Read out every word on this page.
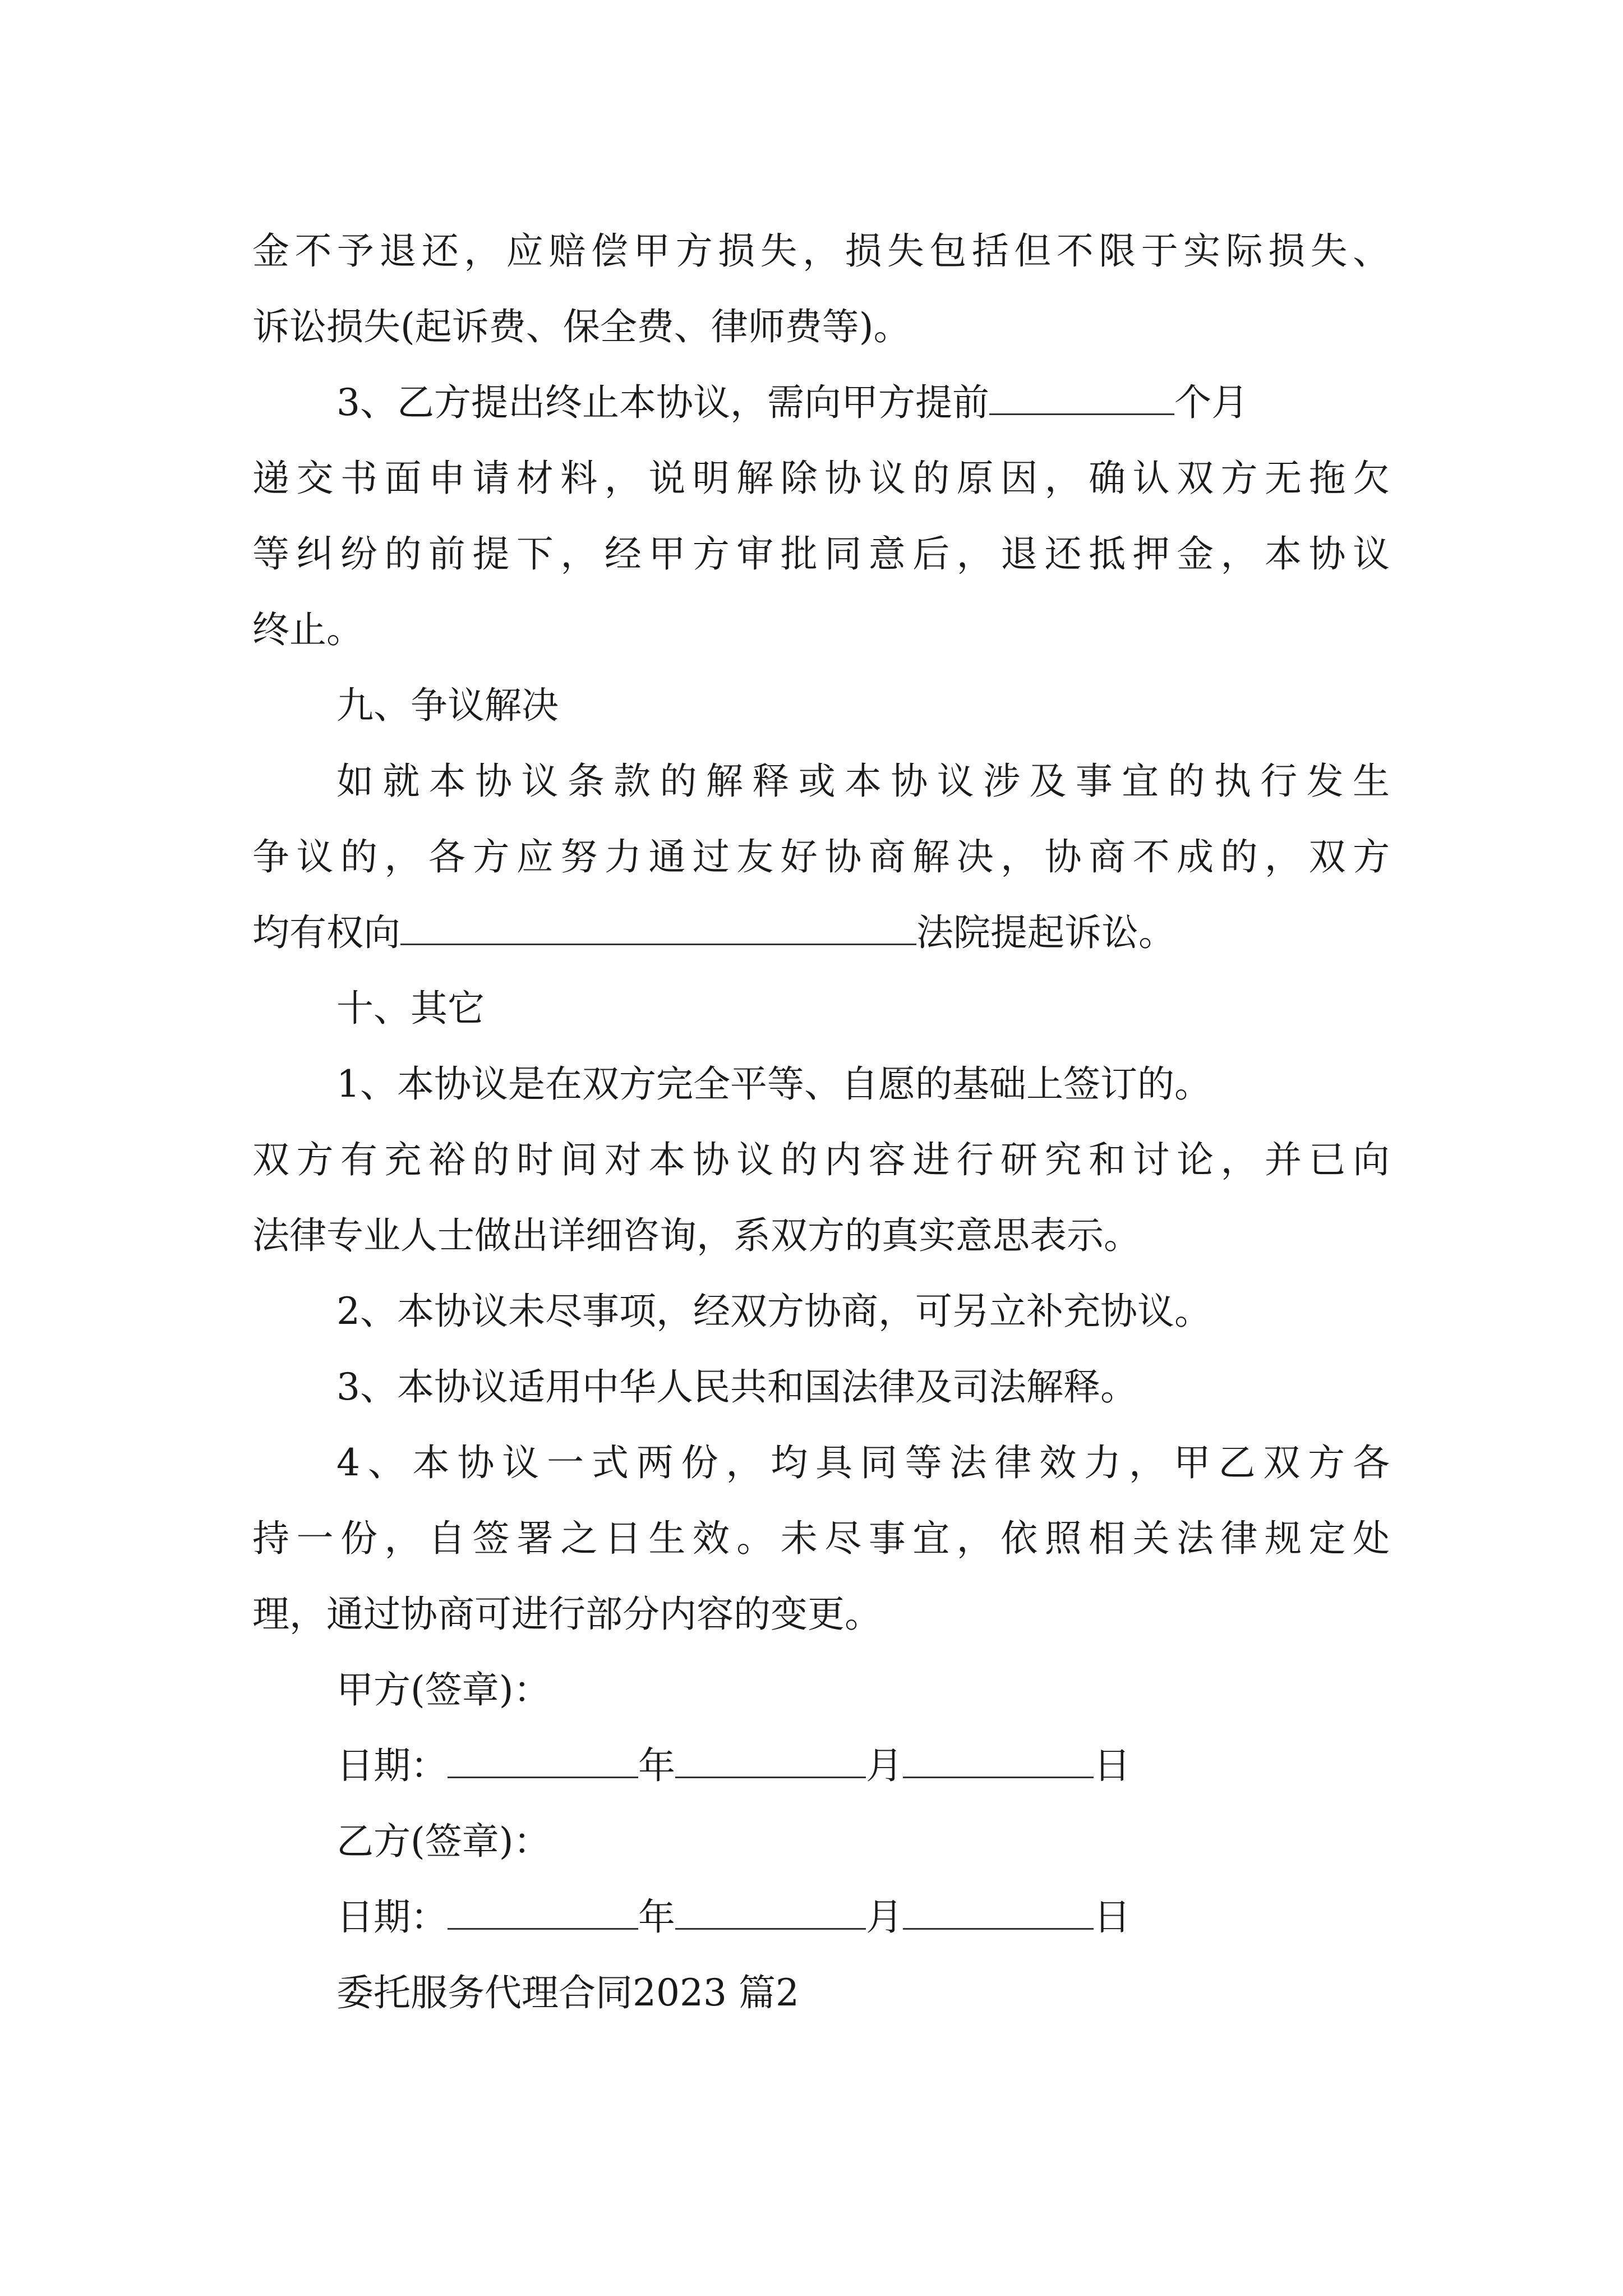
金不予退还，应赔偿甲方损失，损失包括但不限于实际损失、
诉讼损失(起诉费、保全费、律师费等)。
3、乙方提出终止本协议，需向甲方提前	个月
递交书面申请材料，说明解除协议的原因，确认双方无拖欠
等纠纷的前提下，经甲方审批同意后，退还抵押金，本协议
终止。
九、争议解决
如就本协议条款的解释或本协议涉及事宜的执行发生
争议的，各方应努力通过友好协商解决，协商不成的，双方
均有权向	法院提起诉讼。
十、其它
1、本协议是在双方完全平等、自愿的基础上签订的。
双方有充裕的时间对本协议的内容进行研究和讨论，并已向
法律专业人士做出详细咨询，系双方的真实意思表示。
2、本协议未尽事项，经双方协商，可另立补充协议。
3、本协议适用中华人民共和国法律及司法解释。
4、本协议一式两份，均具同等法律效力，甲乙双方各
持一份，自签署之日生效。未尽事宜，依照相关法律规定处
理，通过协商可进行部分内容的变更。
甲方(签章)：
日期：	年	月	日
乙方(签章)：
日期：	年	月	日
委托服务代理合同2023 篇2
